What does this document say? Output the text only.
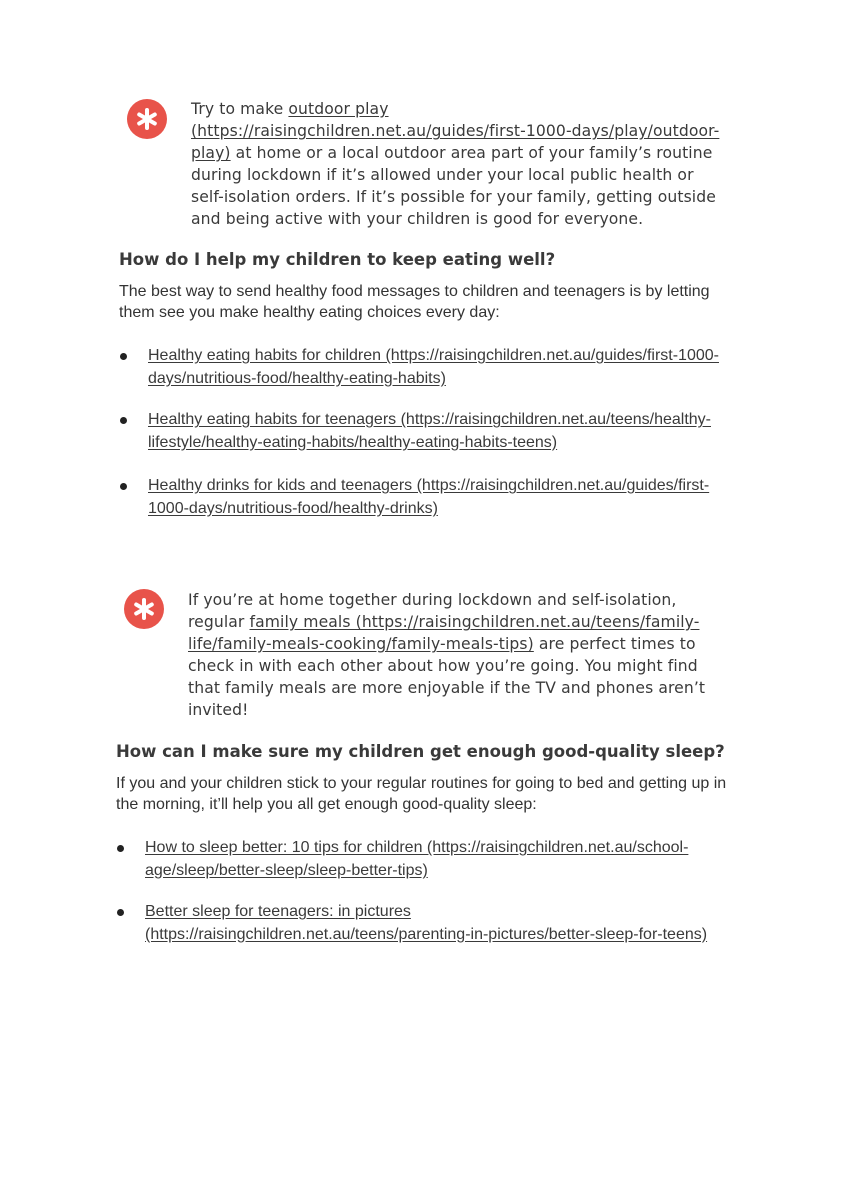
Try to make outdoor play (https://raisingchildren.net.au/guides/first-1000-days/play/outdoor-play) at home or a local outdoor area part of your family’s routine during lockdown if it’s allowed under your local public health or self-isolation orders. If it’s possible for your family, getting outside and being active with your children is good for everyone.
How do I help my children to keep eating well?

The best way to send healthy food messages to children and teenagers is by letting them see you make healthy eating choices every day:

Healthy eating habits for children (https://raisingchildren.net.au/guides/first-1000-days/nutritious-food/healthy-eating-habits)
Healthy eating habits for teenagers (https://raisingchildren.net.au/teens/healthy-lifestyle/healthy-eating-habits/healthy-eating-habits-teens)
Healthy drinks for kids and teenagers (https://raisingchildren.net.au/guides/first-1000-days/nutritious-food/healthy-drinks)
If you’re at home together during lockdown and self-isolation, regular family meals (https://raisingchildren.net.au/teens/family-life/family-meals-cooking/family-meals-tips) are perfect times to check in with each other about how you’re going. You might find that family meals are more enjoyable if the TV and phones aren’t invited!
How can I make sure my children get enough good-quality sleep?

If you and your children stick to your regular routines for going to bed and getting up in the morning, it’ll help you all get enough good-quality sleep:

How to sleep better: 10 tips for children (https://raisingchildren.net.au/school-age/sleep/better-sleep/sleep-better-tips)
Better sleep for teenagers: in pictures (https://raisingchildren.net.au/teens/parenting-in-pictures/better-sleep-for-teens)
